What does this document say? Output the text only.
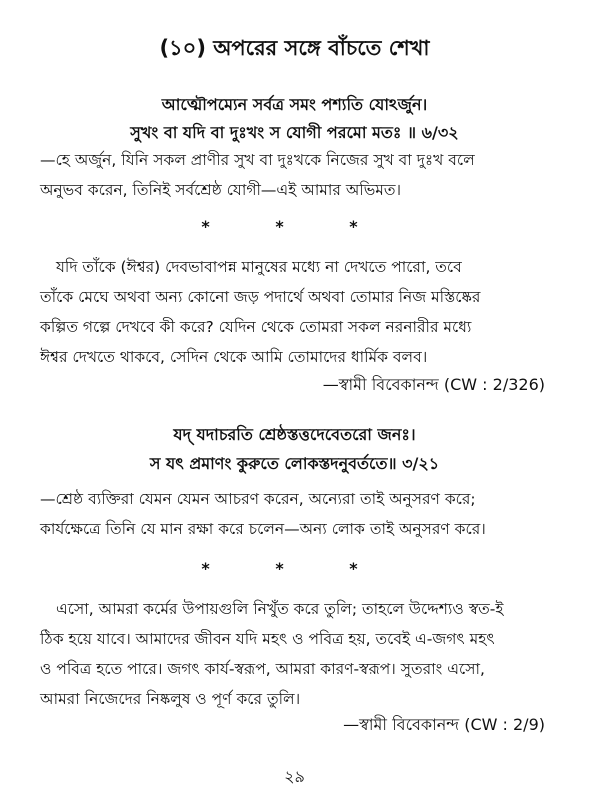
(১০) অপরের সঙ্গে বাঁচতে শেখা
আত্মৌপম্যেন সর্বত্র সমং পশ্যতি যোঽর্জুন।
সুখং বা যদি বা দুঃখং স যোগী পরমো মতঃ ॥ ৬/৩২

—হে অর্জুন, যিনি সকল প্রাণীর সুখ বা দুঃখকে নিজের সুখ বা দুঃখ বলে

অনুভব করেন, তিনিই সর্বশ্রেষ্ঠ যোগী—এই আমার অভিমত।

* * *

যদি তাঁকে (ঈশ্বর) দেবভাবাপন্ন মানুষের মধ্যে না দেখতে পারো, তবে

তাঁকে মেঘে অথবা অন্য কোনো জড় পদার্থে অথবা তোমার নিজ মস্তিষ্কের

কল্পিত গল্পে দেখবে কী করে? যেদিন থেকে তোমরা সকল নরনারীর মধ্যে

ঈশ্বর দেখতে থাকবে, সেদিন থেকে আমি তোমাদের ধার্মিক বলব।

—স্বামী বিবেকানন্দ (CW : 2/326)
যদ্ যদাচরতি শ্রেষ্ঠস্তত্তদেবেতরো জনঃ।
স যৎ প্রমাণং কুরুতে লোকস্তদনুবর্ততে॥ ৩/২১

—শ্রেষ্ঠ ব্যক্তিরা যেমন যেমন আচরণ করেন, অন্যেরা তাই অনুসরণ করে;

কার্যক্ষেত্রে তিনি যে মান রক্ষা করে চলেন—অন্য লোক তাই অনুসরণ করে।

* * *

এসো, আমরা কর্মের উপায়গুলি নিখুঁত করে তুলি; তাহলে উদ্দেশ্যও স্বত-ই

ঠিক হয়ে যাবে। আমাদের জীবন যদি মহৎ ও পবিত্র হয়, তবেই এ-জগৎ মহৎ

ও পবিত্র হতে পারে। জগৎ কার্য-স্বরূপ, আমরা কারণ-স্বরূপ। সুতরাং এসো,

আমরা নিজেদের নিষ্কলুষ ও পূর্ণ করে তুলি।

—স্বামী বিবেকানন্দ (CW : 2/9)
২৯
